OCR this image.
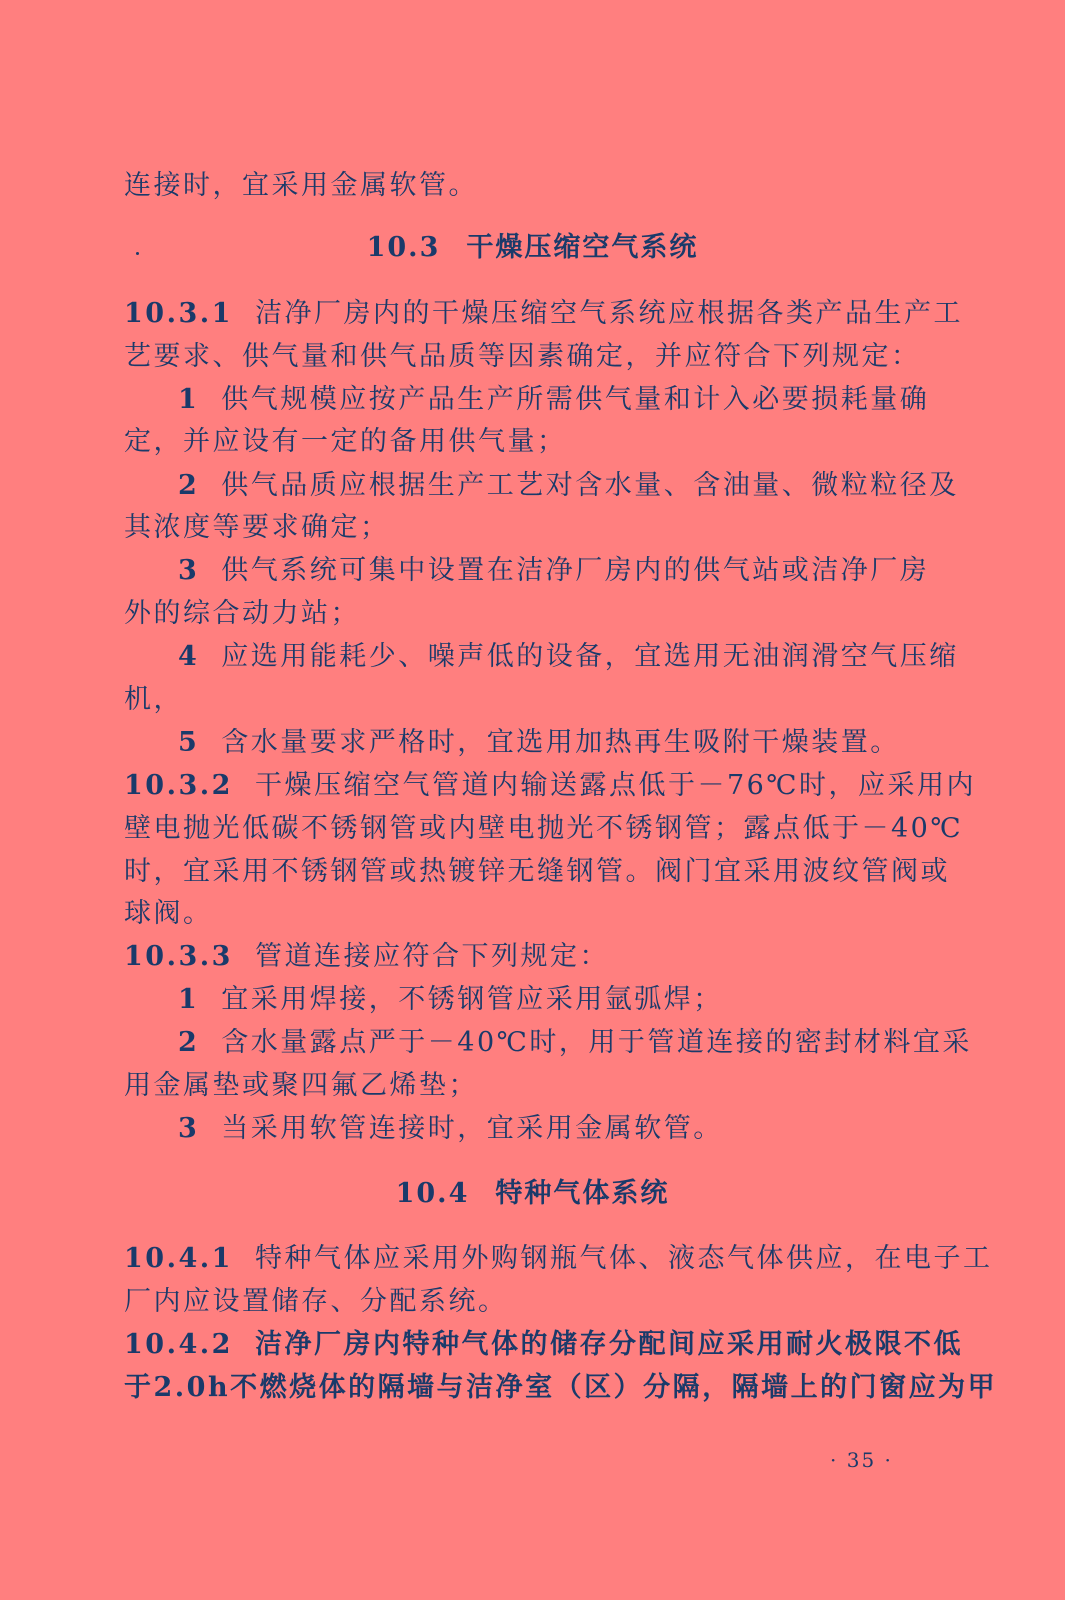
连接时，宜采用金属软管。
10.3 干燥压缩空气系统
10.3.1 洁净厂房内的干燥压缩空气系统应根据各类产品生产工
艺要求、供气量和供气品质等因素确定，并应符合下列规定：
1 供气规模应按产品生产所需供气量和计入必要损耗量确
定，并应设有一定的备用供气量；
2 供气品质应根据生产工艺对含水量、含油量、微粒粒径及
其浓度等要求确定；
3 供气系统可集中设置在洁净厂房内的供气站或洁净厂房
外的综合动力站；
4 应选用能耗少、噪声低的设备，宜选用无油润滑空气压缩
机，
5 含水量要求严格时，宜选用加热再生吸附干燥装置。
10.3.2 干燥压缩空气管道内输送露点低于－76℃时，应采用内
壁电抛光低碳不锈钢管或内壁电抛光不锈钢管；露点低于－40℃
时，宜采用不锈钢管或热镀锌无缝钢管。阀门宜采用波纹管阀或
球阀。
10.3.3 管道连接应符合下列规定：
1 宜采用焊接，不锈钢管应采用氩弧焊；
2 含水量露点严于－40℃时，用于管道连接的密封材料宜采
用金属垫或聚四氟乙烯垫；
3 当采用软管连接时，宜采用金属软管。
10.4 特种气体系统
10.4.1 特种气体应采用外购钢瓶气体、液态气体供应，在电子工
厂内应设置储存、分配系统。
10.4.2 洁净厂房内特种气体的储存分配间应采用耐火极限不低
于2.0h不燃烧体的隔墙与洁净室（区）分隔，隔墙上的门窗应为甲
· 35 ·
